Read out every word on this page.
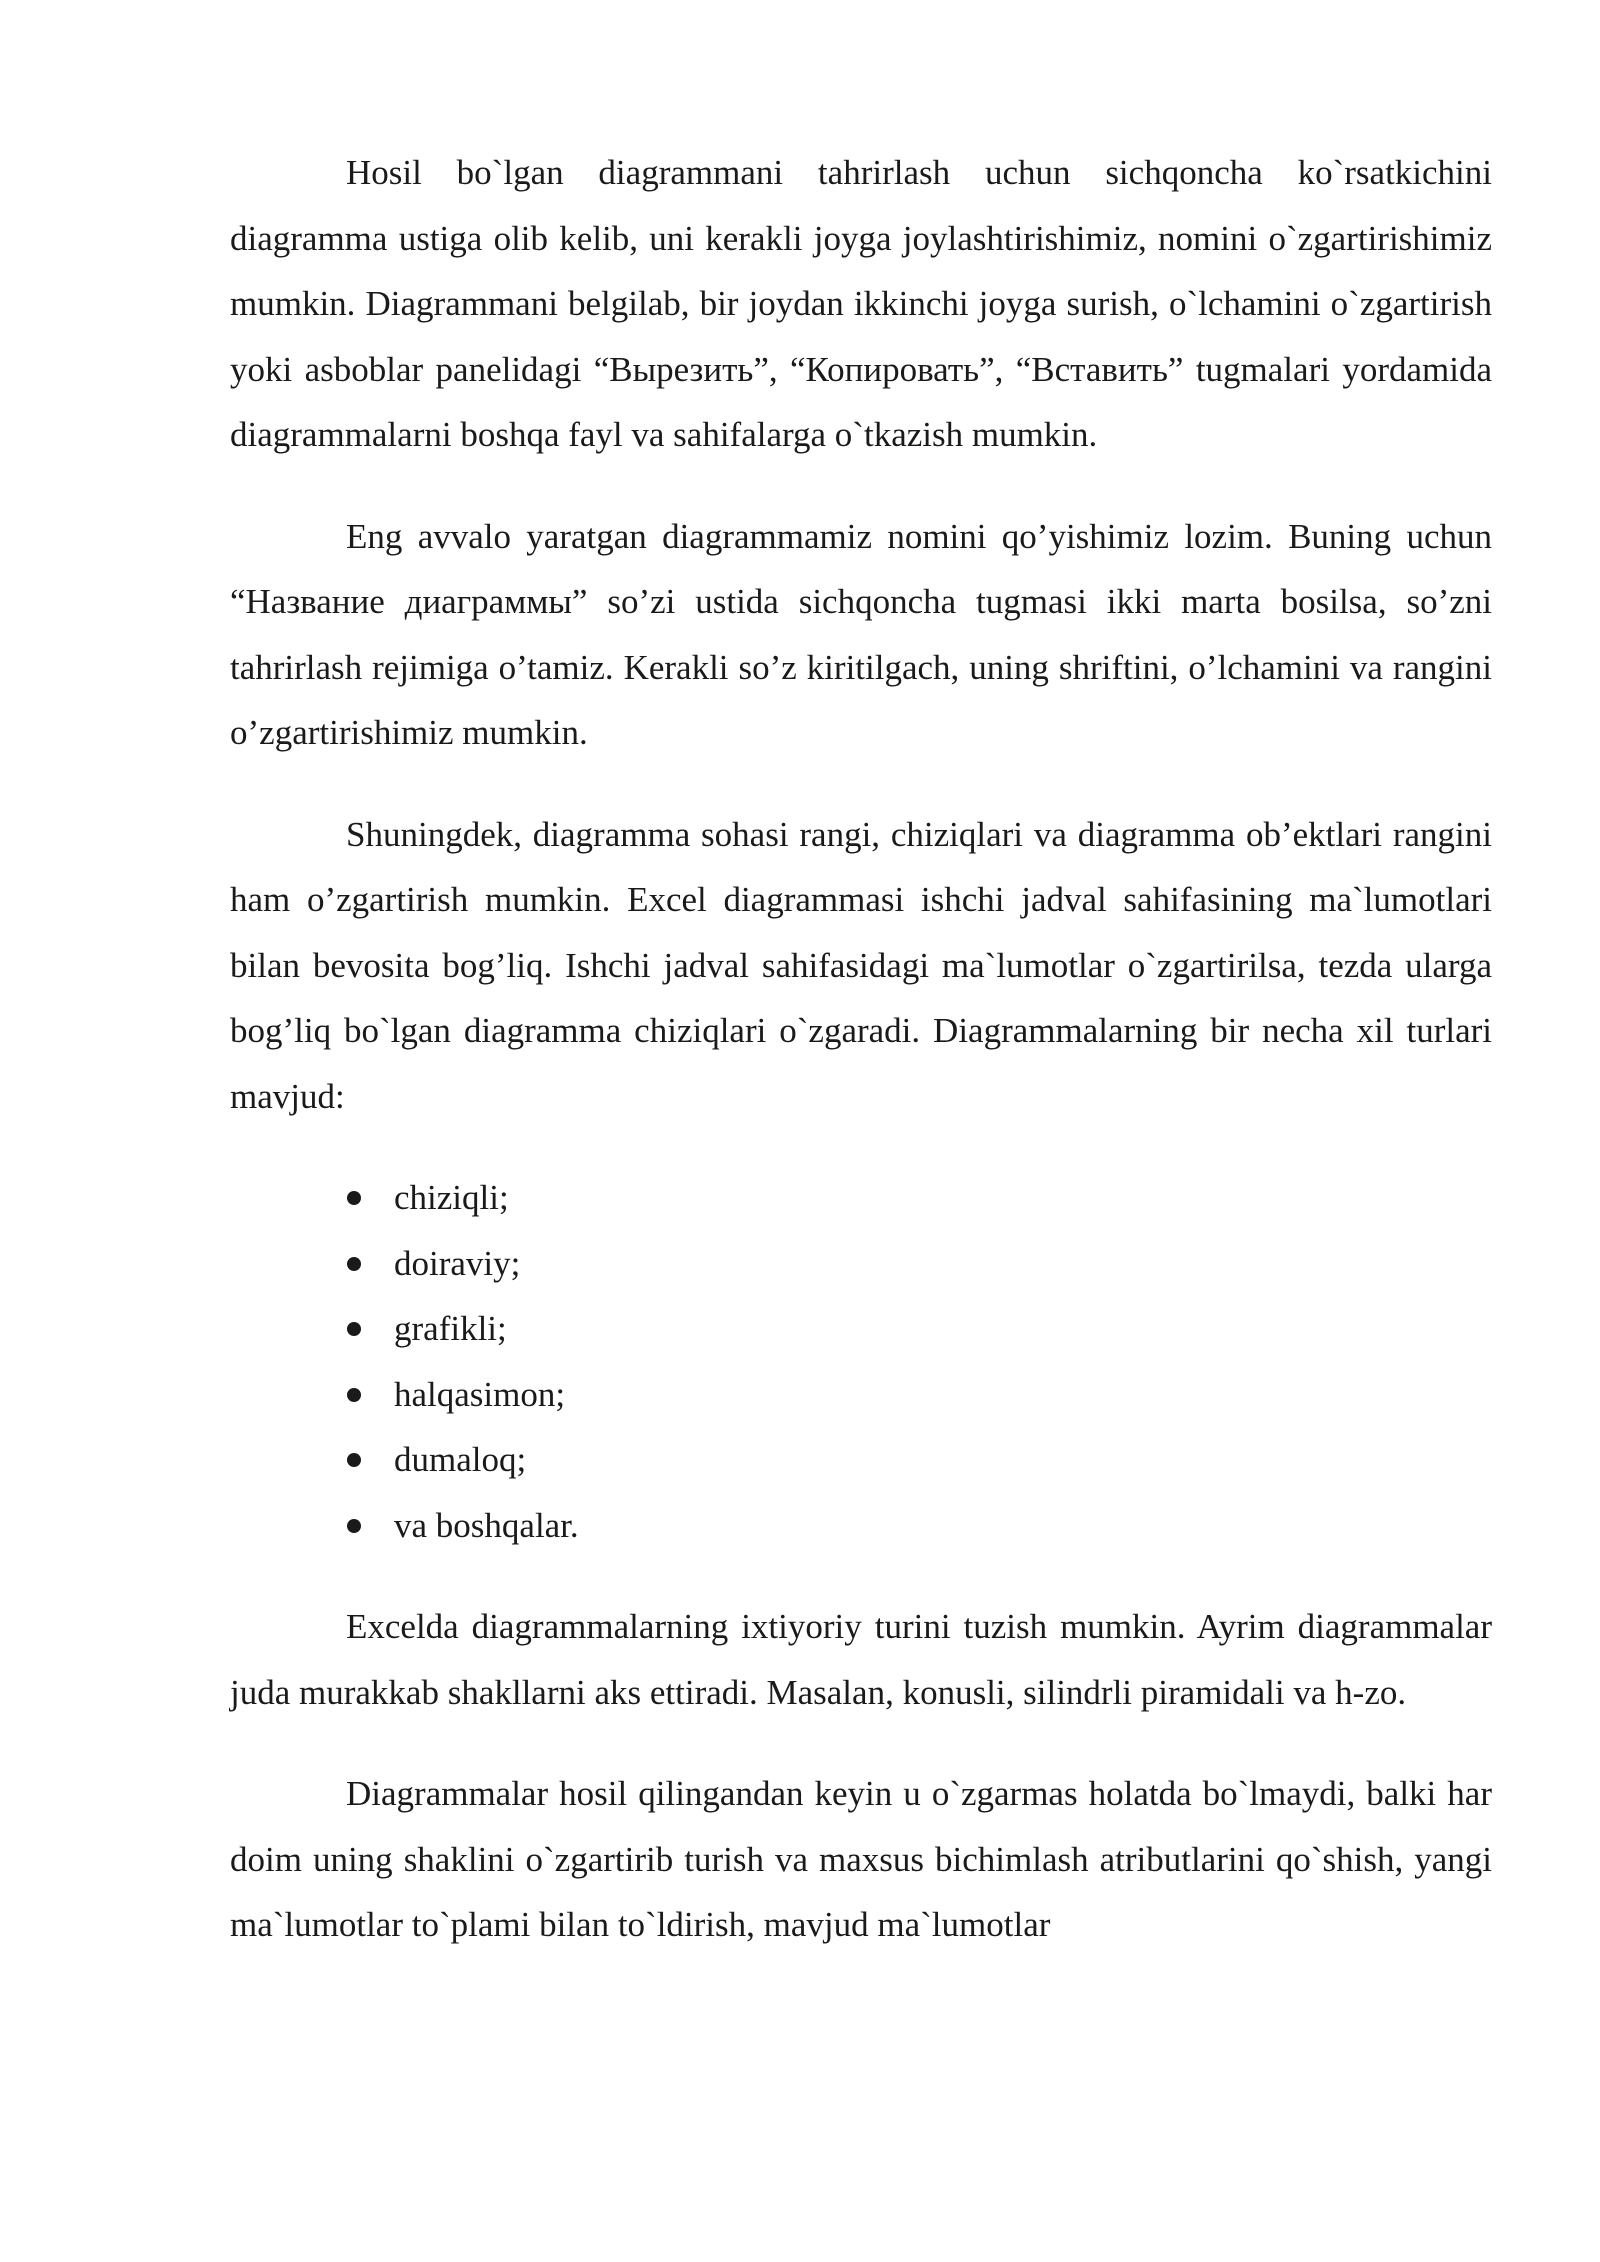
Hosil bo`lgan diagrammani tahrirlash uchun sichqoncha ko`rsatkichini diagramma ustiga olib kelib, uni kerakli joyga joylashtirishimiz, nomini o`zgartirishimiz mumkin. Diagrammani belgilab, bir joydan ikkinchi joyga surish, o`lchamini o`zgartirish yoki asboblar panelidagi “Вырезить”, “Копировать”, “Вставить” tugmalari yordamida diagrammalarni boshqa fayl va sahifalarga o`tkazish mumkin.

Eng avvalo yaratgan diagrammamiz nomini qo’yishimiz lozim. Buning uchun “Название диаграммы” so’zi ustida sichqoncha tugmasi ikki marta bosilsa, so’zni tahrirlash rejimiga o’tamiz. Kerakli so’z kiritilgach, uning shriftini, o’lchamini va rangini o’zgartirishimiz mumkin.

Shuningdek, diagramma sohasi rangi, chiziqlari va diagramma ob’ektlari rangini ham o’zgartirish mumkin. Excel diagrammasi ishchi jadval sahifasining ma`lumotlari bilan bevosita bog’liq. Ishchi jadval sahifasidagi ma`lumotlar o`zgartirilsa, tezda ularga bog’liq bo`lgan diagramma chiziqlari o`zgaradi. Diagrammalarning bir necha xil turlari mavjud:

chiziqli;
doiraviy;
grafikli;
halqasimon;
dumaloq;
va boshqalar.

Excelda diagrammalarning ixtiyoriy turini tuzish mumkin. Ayrim diagrammalar juda murakkab shakllarni aks ettiradi. Masalan, konusli, silindrli piramidali va h-zo.

Diagrammalar hosil qilingandan keyin u o`zgarmas holatda bo`lmaydi, balki har doim uning shaklini o`zgartirib turish va maxsus bichimlash atributlarini qo`shish, yangi ma`lumotlar to`plami bilan to`ldirish, mavjud ma`lumotlar
